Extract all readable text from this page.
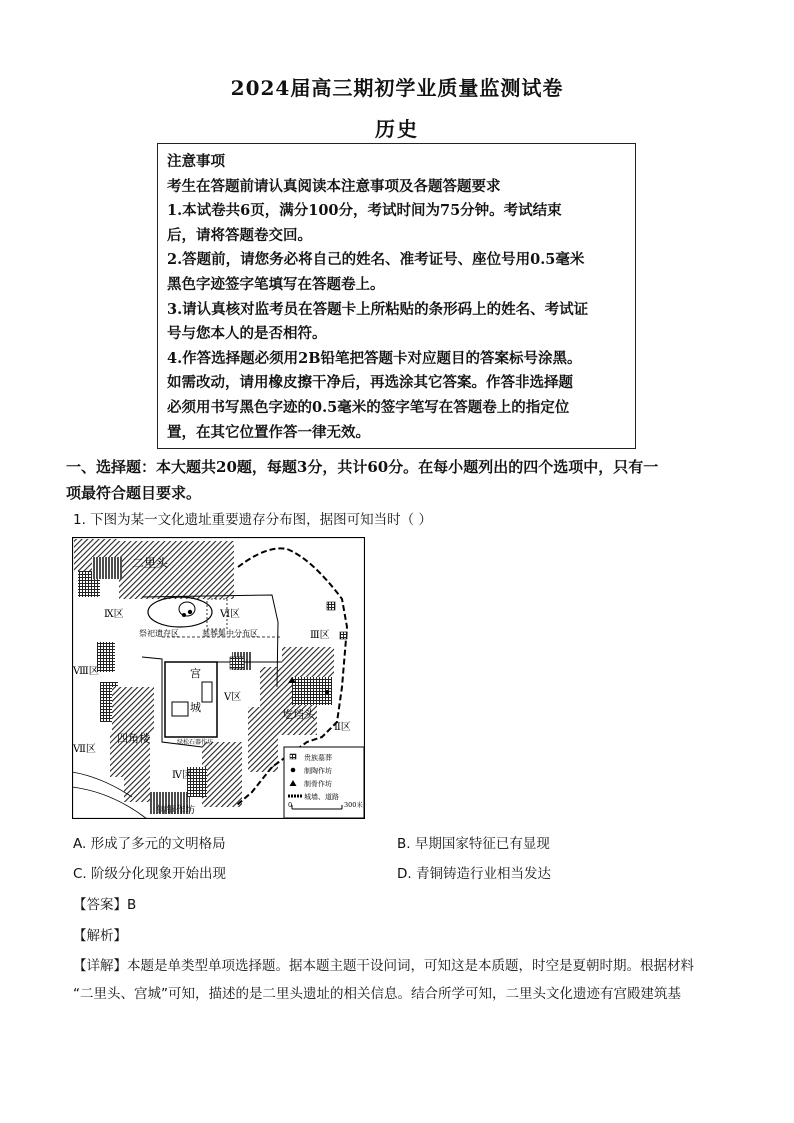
2024届高三期初学业质量监测试卷
历史
注意事项
考生在答题前请认真阅读本注意事项及各题答题要求
1.本试卷共6页，满分100分，考试时间为75分钟。考试结束
后，请将答题卷交回。
2.答题前，请您务必将自己的姓名、准考证号、座位号用0.5毫米
黑色字迹签字笔填写在答题卷上。
3.请认真核对监考员在答题卡上所粘贴的条形码上的姓名、考试证
号与您本人的是否相符。
4.作答选择题必须用2B铅笔把答题卡对应题目的答案标号涂黑。
如需改动，请用橡皮擦干净后，再选涂其它答案。作答非选择题
必须用书写黑色字迹的0.5毫米的签字笔写在答题卷上的指定位
置，在其它位置作答一律无效。
一、选择题：本大题共20题，每题3分，共计60分。在每小题列出的四个选项中，只有一
项最符合题目要求。
1. 下图为某一文化遗址重要遗存分布图，据图可知当时（ ）
二里头
圪垱头
四角楼
宫
城
Ⅸ区	Ⅵ区
Ⅲ区
Ⅷ区
Ⅴ区
Ⅱ区
Ⅶ区
Ⅳ区
祭祀遗存区	墓葬集中分布区
铸铜作坊
绿松石器作坊
贵族墓葬
制陶作坊
制骨作坊
城墙、道路
0	300米
A. 形成了多元的文明格局	B. 早期国家特征已有显现
C. 阶级分化现象开始出现	D. 青铜铸造行业相当发达
【答案】B
【解析】
【详解】本题是单类型单项选择题。据本题主题干设问词，可知这是本质题，时空是夏朝时期。根据材料
“二里头、宫城”可知，描述的是二里头遗址的相关信息。结合所学可知，二里头文化遗迹有宫殿建筑基
